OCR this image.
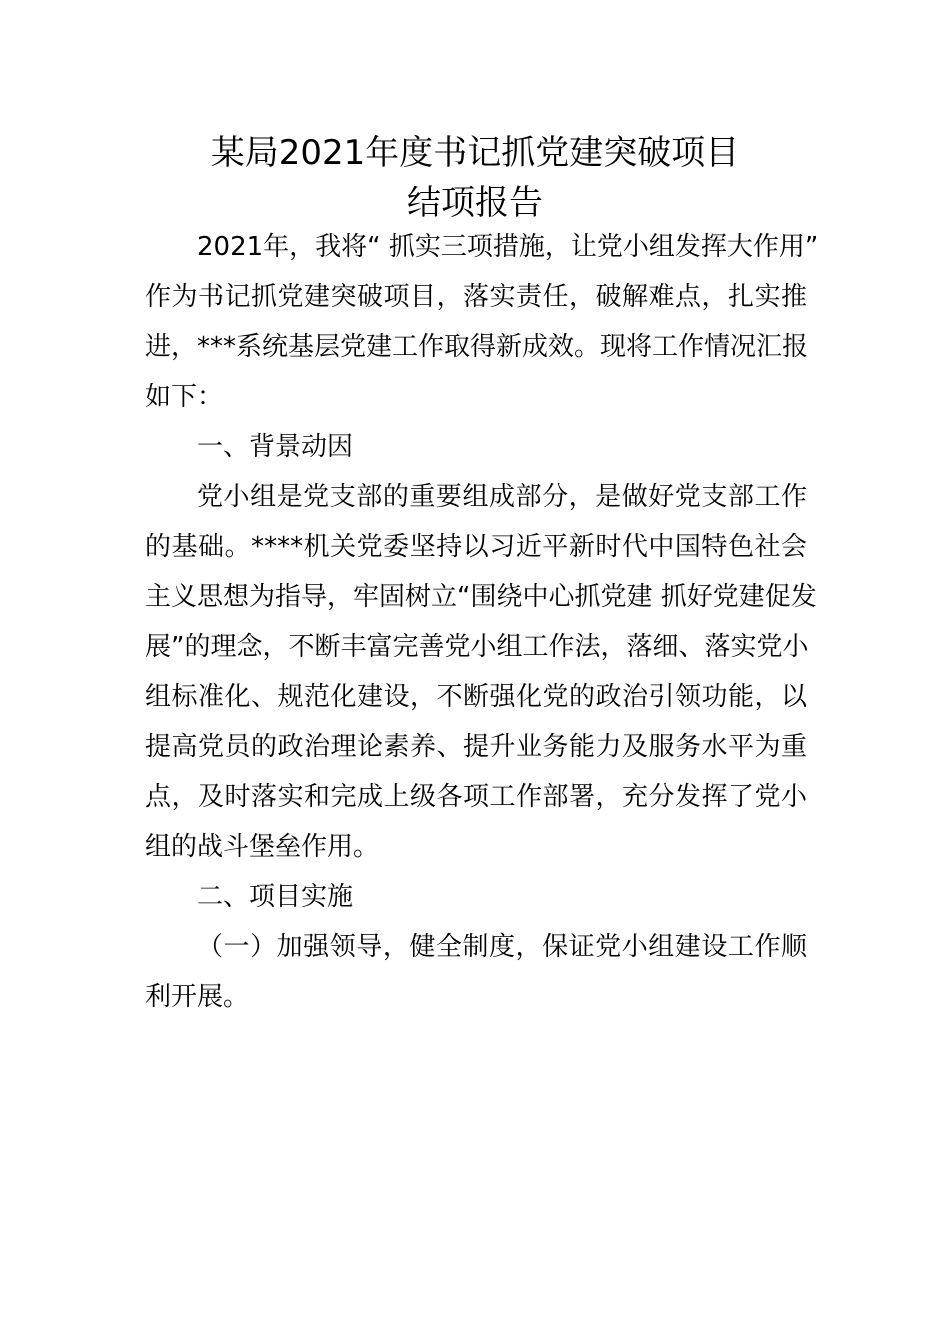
某局2021年度书记抓党建突破项目
结项报告
2021年，我将“ 抓实三项措施，让党小组发挥大作用”
作为书记抓党建突破项目，落实责任，破解难点，扎实推
进，***系统基层党建工作取得新成效。现将工作情况汇报
如下：
一、背景动因
党小组是党支部的重要组成部分，是做好党支部工作
的基础。****机关党委坚持以习近平新时代中国特色社会
主义思想为指导，牢固树立“围绕中心抓党建 抓好党建促发
展”的理念，不断丰富完善党小组工作法，落细、落实党小
组标准化、规范化建设，不断强化党的政治引领功能，以
提高党员的政治理论素养、提升业务能力及服务水平为重
点，及时落实和完成上级各项工作部署，充分发挥了党小
组的战斗堡垒作用。
二、项目实施
（一）加强领导，健全制度，保证党小组建设工作顺
利开展。
